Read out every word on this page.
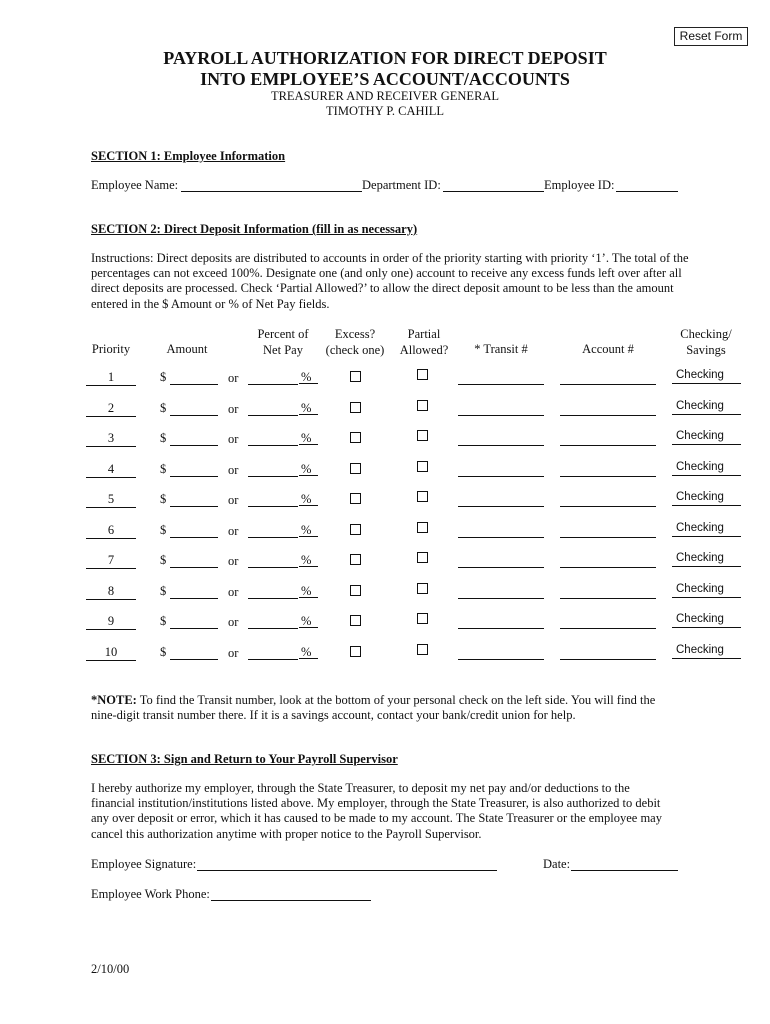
Reset Form
PAYROLL AUTHORIZATION FOR DIRECT DEPOSIT
INTO EMPLOYEE’S ACCOUNT/ACCOUNTS
TREASURER AND RECEIVER GENERAL
TIMOTHY P. CAHILL
SECTION 1: Employee Information
Employee Name:	Department ID:	Employee ID:
SECTION 2: Direct Deposit Information (fill in as necessary)
Instructions: Direct deposits are distributed to accounts in order of the priority starting with priority ‘1’. The total of the percentages can not exceed 100%. Designate one (and only one) account to receive any excess funds left over after all direct deposits are processed. Check ‘Partial Allowed?’ to allow the direct deposit amount to be less than the amount entered in the $ Amount or % of Net Pay fields.
Priority	Amount
Percent of
Net Pay
Excess?
(check one)
Partial
Allowed?	* Transit #	Account #
Checking/
Savings
1	$	or	%	Checking
2	$	or	%	Checking
3	$	or	%	Checking
4	$	or	%	Checking
5	$	or	%	Checking
6	$	or	%	Checking
7	$	or	%	Checking
8	$	or	%	Checking
9	$	or	%	Checking
10	$	or	%	Checking
*NOTE: To find the Transit number, look at the bottom of your personal check on the left side. You will find the nine-digit transit number there. If it is a savings account, contact your bank/credit union for help.
SECTION 3: Sign and Return to Your Payroll Supervisor
I hereby authorize my employer, through the State Treasurer, to deposit my net pay and/or deductions to the financial institution/institutions listed above. My employer, through the State Treasurer, is also authorized to debit any over deposit or error, which it has caused to be made to my account. The State Treasurer or the employee may cancel this authorization anytime with proper notice to the Payroll Supervisor.
Employee Signature:	Date:
Employee Work Phone:
2/10/00
